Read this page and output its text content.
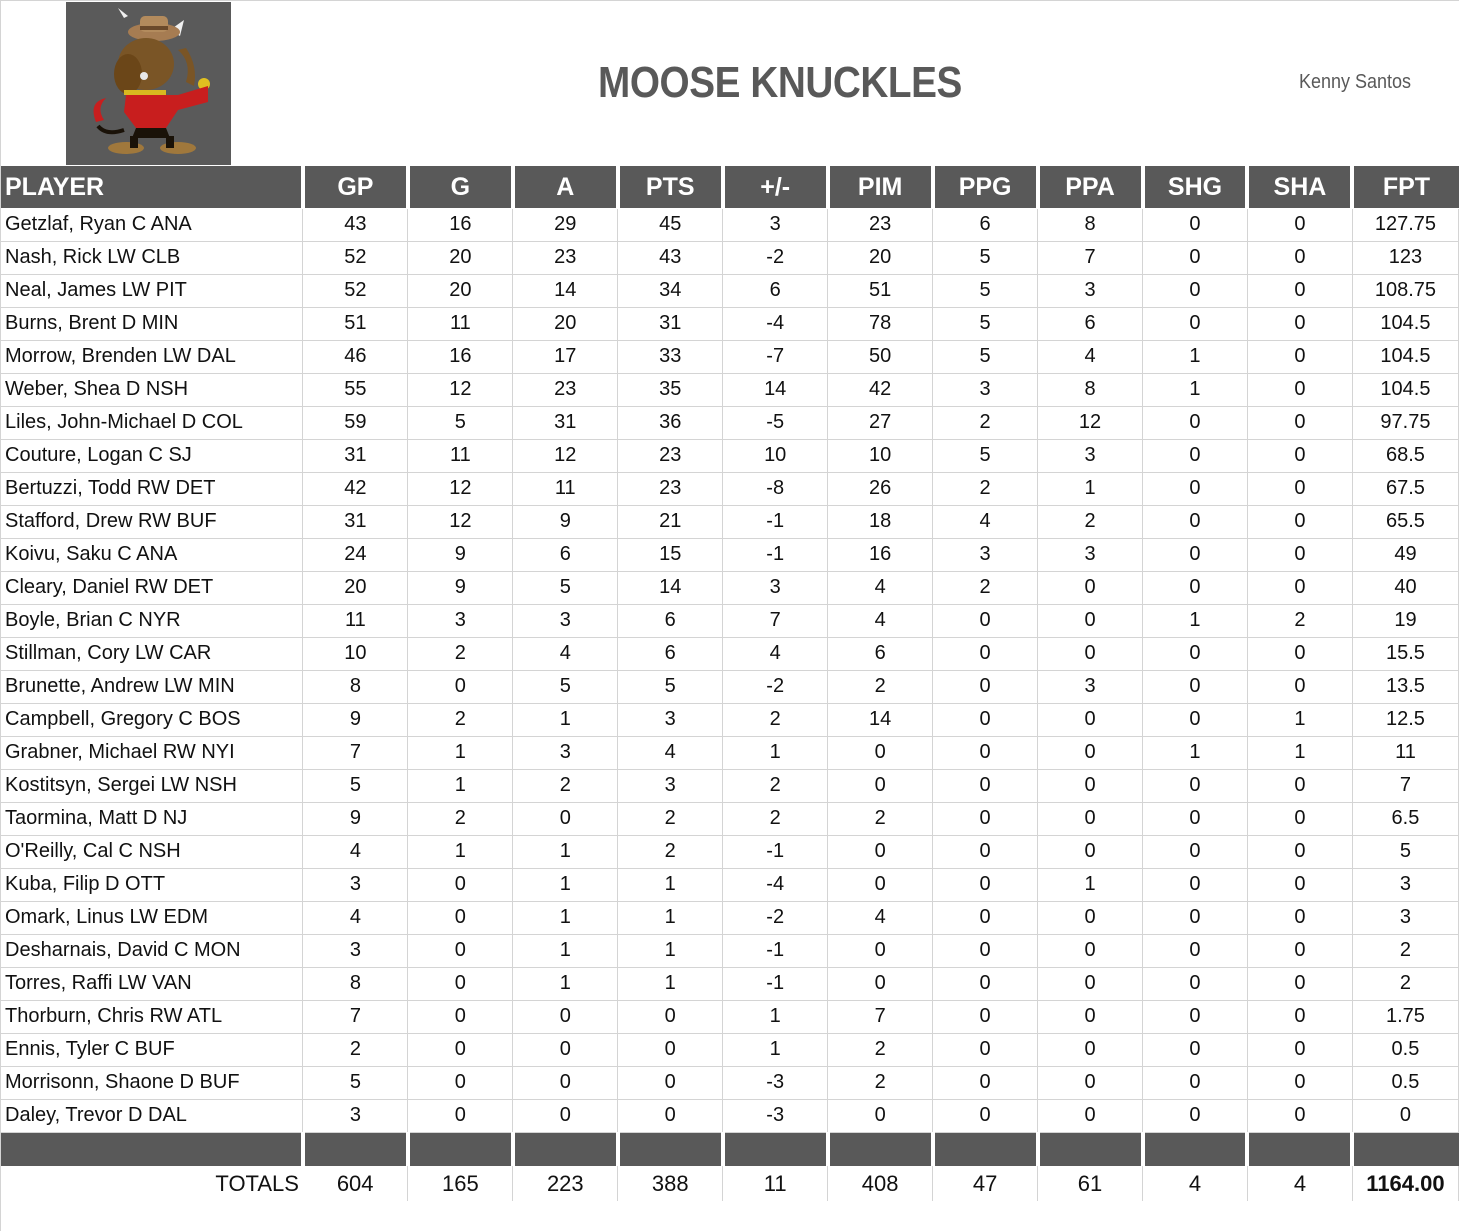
MOOSE KNUCKLES	Kenny Santos
PLAYER	GP	G	A	PTS	+/-	PIM	PPG	PPA	SHG	SHA	FPT
Getzlaf, Ryan C ANA	43	16	29	45	3	23	6	8	0	0	127.75
Nash, Rick LW CLB	52	20	23	43	-2	20	5	7	0	0	123
Neal, James LW PIT	52	20	14	34	6	51	5	3	0	0	108.75
Burns, Brent D MIN	51	11	20	31	-4	78	5	6	0	0	104.5
Morrow, Brenden LW DAL	46	16	17	33	-7	50	5	4	1	0	104.5
Weber, Shea D NSH	55	12	23	35	14	42	3	8	1	0	104.5
Liles, John-Michael D COL	59	5	31	36	-5	27	2	12	0	0	97.75
Couture, Logan C SJ	31	11	12	23	10	10	5	3	0	0	68.5
Bertuzzi, Todd RW DET	42	12	11	23	-8	26	2	1	0	0	67.5
Stafford, Drew RW BUF	31	12	9	21	-1	18	4	2	0	0	65.5
Koivu, Saku C ANA	24	9	6	15	-1	16	3	3	0	0	49
Cleary, Daniel RW DET	20	9	5	14	3	4	2	0	0	0	40
Boyle, Brian C NYR	11	3	3	6	7	4	0	0	1	2	19
Stillman, Cory LW CAR	10	2	4	6	4	6	0	0	0	0	15.5
Brunette, Andrew LW MIN	8	0	5	5	-2	2	0	3	0	0	13.5
Campbell, Gregory C BOS	9	2	1	3	2	14	0	0	0	1	12.5
Grabner, Michael RW NYI	7	1	3	4	1	0	0	0	1	1	11
Kostitsyn, Sergei LW NSH	5	1	2	3	2	0	0	0	0	0	7
Taormina, Matt D NJ	9	2	0	2	2	2	0	0	0	0	6.5
O'Reilly, Cal C NSH	4	1	1	2	-1	0	0	0	0	0	5
Kuba, Filip D OTT	3	0	1	1	-4	0	0	1	0	0	3
Omark, Linus LW EDM	4	0	1	1	-2	4	0	0	0	0	3
Desharnais, David C MON	3	0	1	1	-1	0	0	0	0	0	2
Torres, Raffi LW VAN	8	0	1	1	-1	0	0	0	0	0	2
Thorburn, Chris RW ATL	7	0	0	0	1	7	0	0	0	0	1.75
Ennis, Tyler C BUF	2	0	0	0	1	2	0	0	0	0	0.5
Morrisonn, Shaone D BUF	5	0	0	0	-3	2	0	0	0	0	0.5
Daley, Trevor D DAL	3	0	0	0	-3	0	0	0	0	0	0

TOTALS	604	165	223	388	11	408	47	61	4	4	1164.00
